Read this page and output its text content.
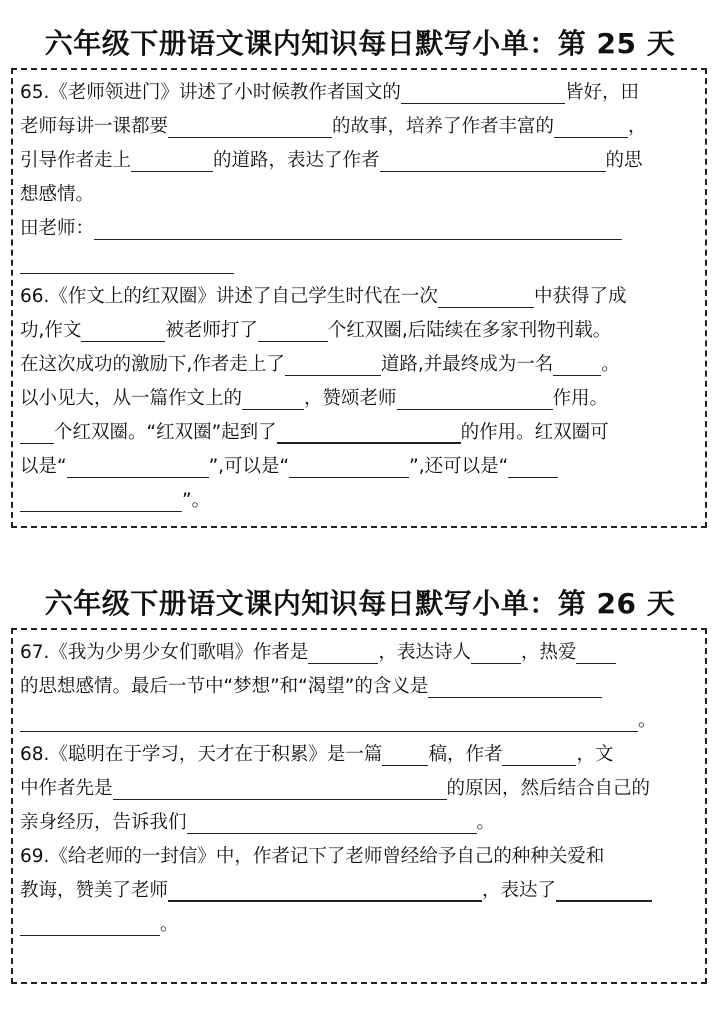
六年级下册语文课内知识每日默写小单：第 25 天
65.《老师领进门》讲述了小时候教作者国文的	皆好，田
老师每讲一课都要	的故事，培养了作者丰富的	，
引导作者走上	的道路，表达了作者	的思
想感情。
田老师：
66.《作文上的红双圈》讲述了自己学生时代在一次	中获得了成
功,作文	被老师打了	个红双圈,后陆续在多家刊物刊载。
在这次成功的激励下,作者走上了	道路,并最终成为一名	。
以小见大，从一篇作文上的	，赞颂老师	作用。
个红双圈。“红双圈”起到了	的作用。红双圈可
以是“	”,可以是“	”,还可以是“
”。
六年级下册语文课内知识每日默写小单：第 26 天
67.《我为少男少女们歌唱》作者是	，表达诗人	，热爱
的思想感情。最后一节中“梦想”和“渴望”的含义是
。
68.《聪明在于学习，天才在于积累》是一篇 稿，作者	，文
中作者先是	的原因，然后结合自己的
亲身经历，告诉我们	。
69.《给老师的一封信》中，作者记下了老师曾经给予自己的种种关爱和
教诲，赞美了老师	，表达了
。
